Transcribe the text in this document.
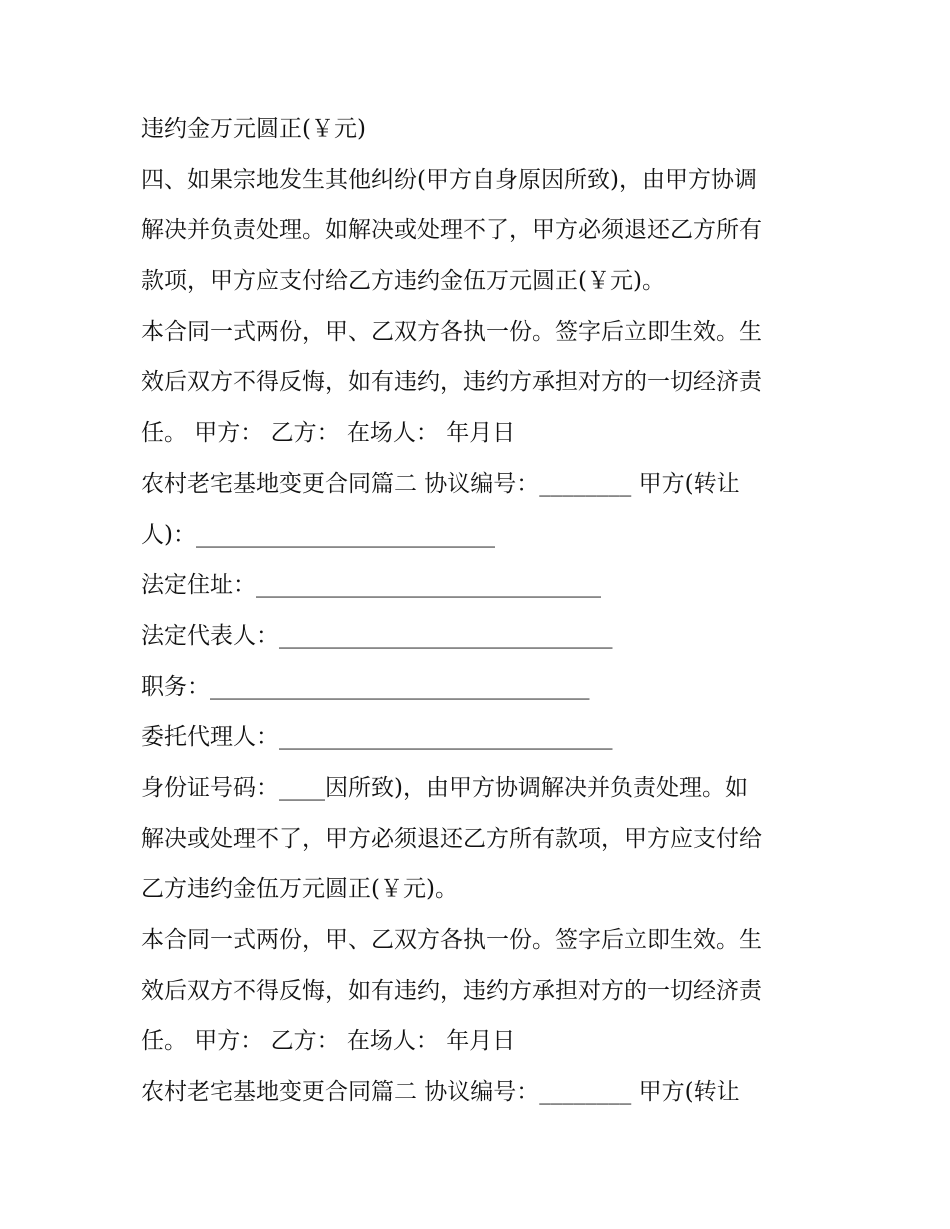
违约金万元圆正(￥元)
四、如果宗地发生其他纠纷(甲方自身原因所致)，由甲方协调
解决并负责处理。如解决或处理不了，甲方必须退还乙方所有
款项，甲方应支付给乙方违约金伍万元圆正(￥元)。
本合同一式两份，甲、乙双方各执一份。签字后立即生效。生
效后双方不得反悔，如有违约，违约方承担对方的一切经济责
任。 甲方： 乙方： 在场人： 年月日
农村老宅基地变更合同篇二 协议编号：________ 甲方(转让
人)：__________________________
法定住址：______________________________
法定代表人：_____________________________
职务：_________________________________
委托代理人：_____________________________
身份证号码：____因所致)，由甲方协调解决并负责处理。如
解决或处理不了，甲方必须退还乙方所有款项，甲方应支付给
乙方违约金伍万元圆正(￥元)。
本合同一式两份，甲、乙双方各执一份。签字后立即生效。生
效后双方不得反悔，如有违约，违约方承担对方的一切经济责
任。 甲方： 乙方： 在场人： 年月日
农村老宅基地变更合同篇二 协议编号：________ 甲方(转让
